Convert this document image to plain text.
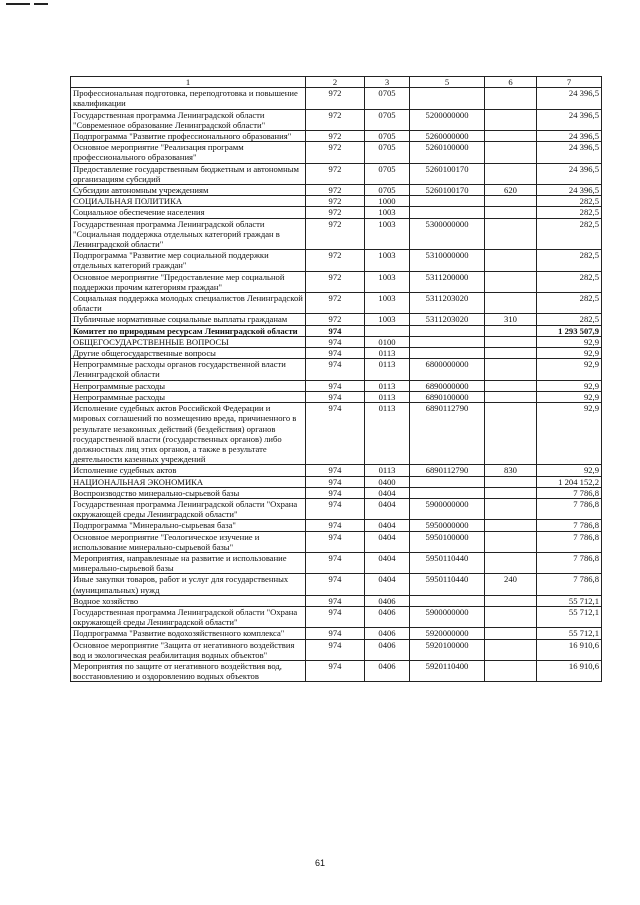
1	2	3	5	6	7
Профессиональная подготовка, переподготовка и повышение квалификации	972	0705			24 396,5
Государственная программа Ленинградской области "Современное образование Ленинградской области"	972	0705	5200000000		24 396,5
Подпрограмма "Развитие профессионального образования"	972	0705	5260000000		24 396,5
Основное мероприятие "Реализация программ профессионального образования"	972	0705	5260100000		24 396,5
Предоставление государственным бюджетным и автономным организациям субсидий	972	0705	5260100170		24 396,5
Субсидии автономным учреждениям	972	0705	5260100170	620	24 396,5
СОЦИАЛЬНАЯ ПОЛИТИКА	972	1000			282,5
Социальное обеспечение населения	972	1003			282,5
Государственная программа Ленинградской области "Социальная поддержка отдельных категорий граждан в Ленинградской области"	972	1003	5300000000		282,5
Подпрограмма "Развитие мер социальной поддержки отдельных категорий граждан"	972	1003	5310000000		282,5
Основное мероприятие "Предоставление мер социальной поддержки прочим категориям граждан"	972	1003	5311200000		282,5
Социальная поддержка молодых специалистов Ленинградской области	972	1003	5311203020		282,5
Публичные нормативные социальные выплаты гражданам	972	1003	5311203020	310	282,5
Комитет по природным ресурсам Ленинградской области	974				1 293 507,9
ОБЩЕГОСУДАРСТВЕННЫЕ ВОПРОСЫ	974	0100			92,9
Другие общегосударственные вопросы	974	0113			92,9
Непрограммные расходы органов государственной власти Ленинградской области	974	0113	6800000000		92,9
Непрограммные расходы	974	0113	6890000000		92,9
Непрограммные расходы	974	0113	6890100000		92,9
Исполнение судебных актов Российской Федерации и мировых соглашений по возмещению вреда, причиненного в результате незаконных действий (бездействия) органов государственной власти (государственных органов) либо должностных лиц этих органов, а также в результате деятельности казенных учреждений	974	0113	6890112790		92,9
Исполнение судебных актов	974	0113	6890112790	830	92,9
НАЦИОНАЛЬНАЯ ЭКОНОМИКА	974	0400			1 204 152,2
Воспроизводство минерально-сырьевой базы	974	0404			7 786,8
Государственная программа Ленинградской области "Охрана окружающей среды Ленинградской области"	974	0404	5900000000		7 786,8
Подпрограмма "Минерально-сырьевая база"	974	0404	5950000000		7 786,8
Основное мероприятие "Геологическое изучение и использование минерально-сырьевой базы"	974	0404	5950100000		7 786,8
Мероприятия, направленные на развитие и использование минерально-сырьевой базы	974	0404	5950110440		7 786,8
Иные закупки товаров, работ и услуг для государственных (муниципальных) нужд	974	0404	5950110440	240	7 786,8
Водное хозяйство	974	0406			55 712,1
Государственная программа Ленинградской области "Охрана окружающей среды Ленинградской области"	974	0406	5900000000		55 712,1
Подпрограмма "Развитие водохозяйственного комплекса"	974	0406	5920000000		55 712,1
Основное мероприятие "Защита от негативного воздействия вод и экологическая реабилитация водных объектов"	974	0406	5920100000		16 910,6
Мероприятия по защите от негативного воздействия вод, восстановлению и оздоровлению водных объектов	974	0406	5920110400		16 910,6
61
